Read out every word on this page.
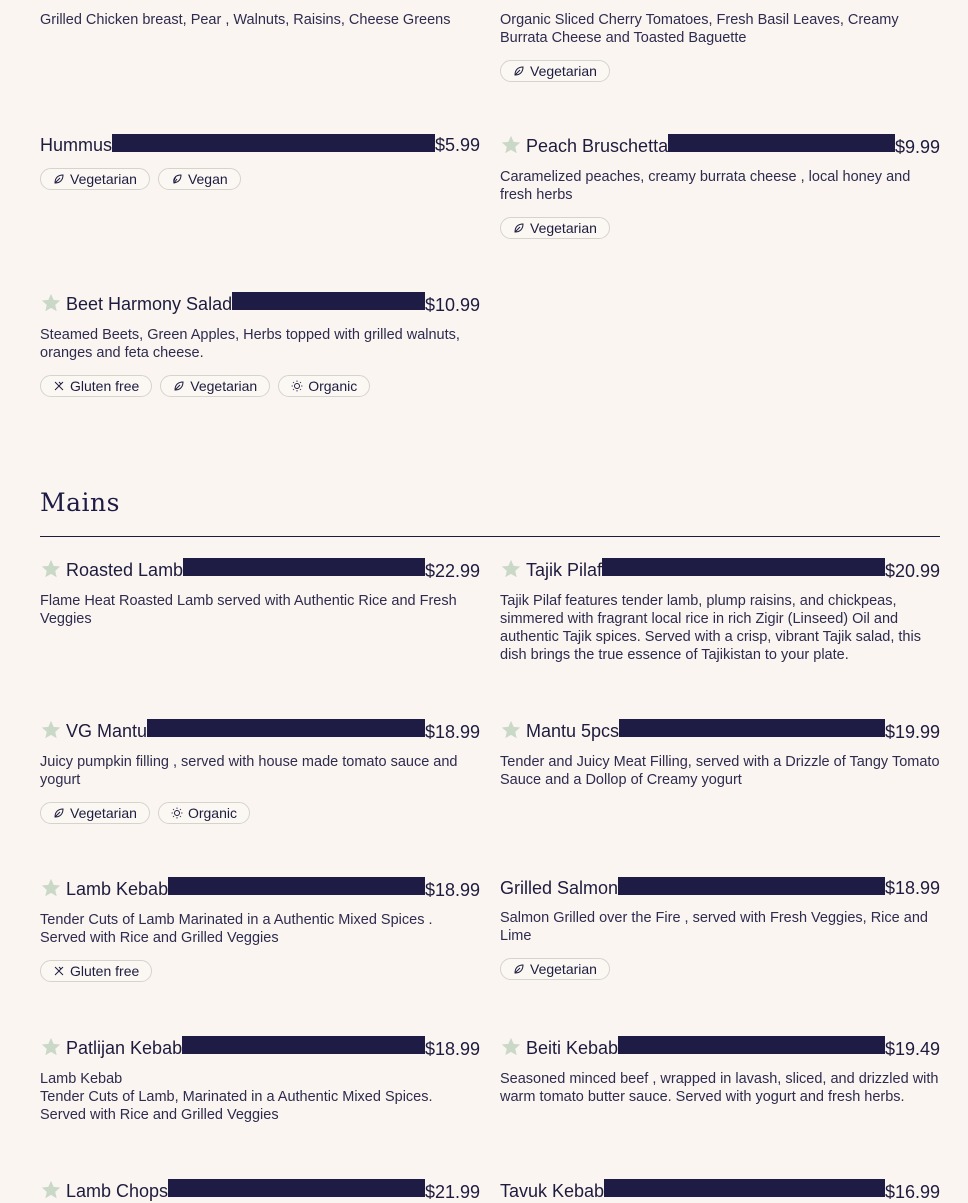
Grilled Chicken breast, Pear , Walnuts, Raisins, Cheese Greens	Organic Sliced Cherry Tomatoes, Fresh Basil Leaves, Creamy Burrata Cheese and Toasted Baguette
Vegetarian
Hummus	$5.99
Vegetarian	Vegan
Peach Bruschetta	$9.99
Caramelized peaches, creamy burrata cheese , local honey and fresh herbs
Vegetarian
Beet Harmony Salad	$10.99
Steamed Beets, Green Apples, Herbs topped with grilled walnuts, oranges and feta cheese.
Gluten free	Vegetarian	Organic
Mains
Roasted Lamb	$22.99
Flame Heat Roasted Lamb served with Authentic Rice and Fresh Veggies
Tajik Pilaf	$20.99
Tajik Pilaf features tender lamb, plump raisins, and chickpeas, simmered with fragrant local rice in rich Zigir (Linseed) Oil and authentic Tajik spices. Served with a crisp, vibrant Tajik salad, this dish brings the true essence of Tajikistan to your plate.
VG Mantu	$18.99
Juicy pumpkin filling , served with house made tomato sauce and yogurt
Vegetarian	Organic
Mantu 5pcs	$19.99
Tender and Juicy Meat Filling, served with a Drizzle of Tangy Tomato Sauce and a Dollop of Creamy yogurt
Lamb Kebab	$18.99
Tender Cuts of Lamb Marinated in a Authentic Mixed Spices . Served with Rice and Grilled Veggies
Gluten free
Grilled Salmon	$18.99
Salmon Grilled over the Fire , served with Fresh Veggies, Rice and Lime
Vegetarian
Patlijan Kebab	$18.99
Lamb Kebab
Tender Cuts of Lamb, Marinated in a Authentic Mixed Spices. Served with Rice and Grilled Veggies
Beiti Kebab	$19.49
Seasoned minced beef , wrapped in lavash, sliced, and drizzled with warm tomato butter sauce. Served with yogurt and fresh herbs.
Lamb Chops	$21.99 Tavuk Kebab	$16.99
